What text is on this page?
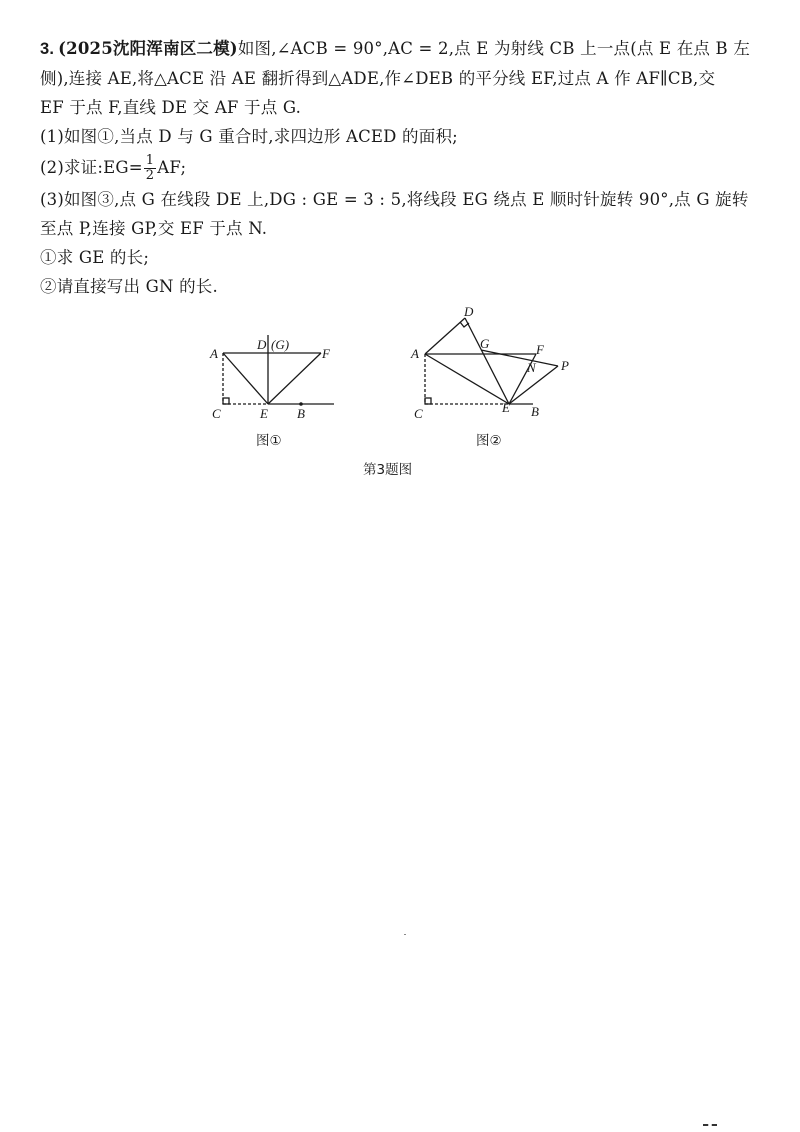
3. (2025沈阳浑南区二模)如图,∠ACB = 90°,AC = 2,点 E 为射线 CB 上一点(点 E 在点 B 左
侧),连接 AE,将△ACE 沿 AE 翻折得到△ADE,作∠DEB 的平分线 EF,过点 A 作 AF∥CB,交
EF 于点 F,直线 DE 交 AF 于点 G.
(1)如图①,当点 D 与 G 重合时,求四边形 ACED 的面积;
(2)求证:EG= $\frac{1}{2}$ AF;
(3)如图③,点 G 在线段 DE 上,DG : GE = 3 : 5,将线段 EG 绕点 E 顺时针旋转 90°,点 G 旋转
至点 P,连接 GP,交 EF 于点 N.
①求 GE 的长;
②请直接写出 GN 的长.
A
D (G)
F
C	E B
图①
D
A
G	F
N P
C	E B
图②
第3题图
